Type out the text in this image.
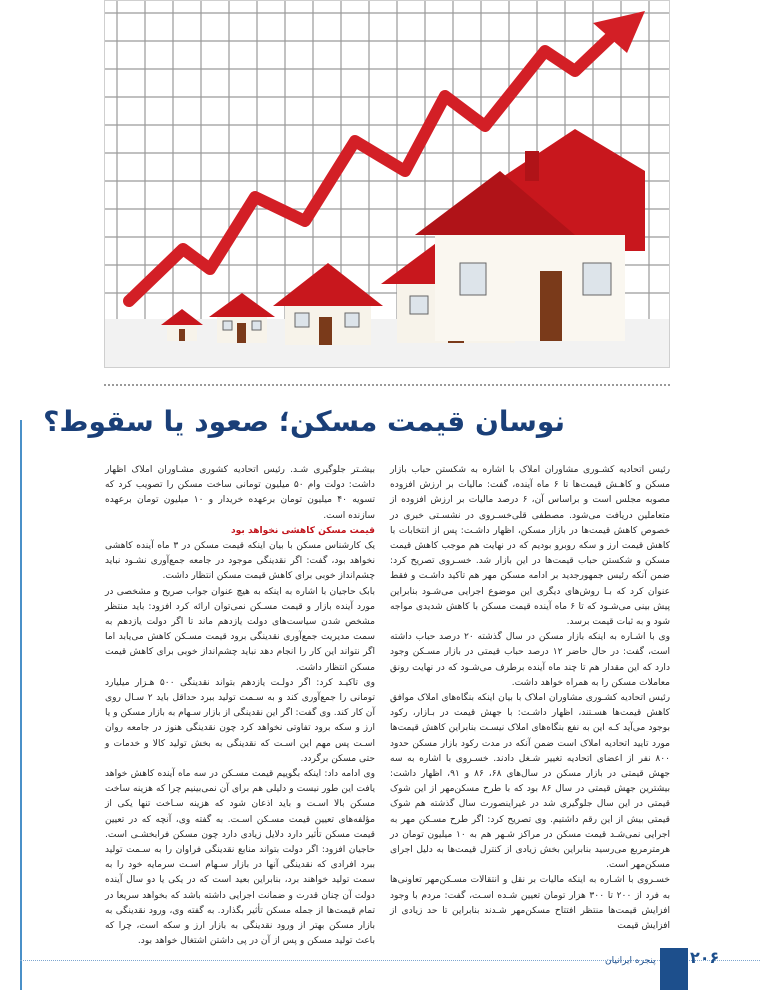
نوسان قیمت مسکن؛ صعود یا سقوط؟

رئیس اتحادیه کشـوری مشاوران املاک با اشاره به شکستن حباب بازار مسکن و کاهـش قیمت‌ها تا ۶ ماه آینده، گفت: مالیات بر ارزش افزوده مصوبه مجلس است و براساس آن، ۶ درصد مالیات بر ارزش افزوده از متعاملین دریافت می‌شود. مصطفی قلی‌خسـروی در نشسـتی خبری در خصوص کاهش قیمت‌ها در بازار مسکن، اظهار داشـت: پس از انتخابات با کاهش قیمت ارز و سکه روبرو بودیم که در نهایت هم موجب کاهش قیمت مسکن و شکستن حباب قیمت‌ها در این بازار شد. خسـروی تصریح کرد: ضمن آنکه رئیس جمهورجدید بر ادامه مسکن مهر هم تاکید داشـت و فقط عنوان کرد که بـا روش‌های دیگری این موضوع اجرایی می‌شـود بنابراین پیش بینی می‌شـود که تا ۶ ماه آینده قیمت مسکن با کاهش شدیدی مواجه شود و به ثبات قیمت برسد.

وی با اشـاره به اینکه بازار مسکن در سال گذشته ۲۰ درصد حباب داشته است، گفت: در حال حاضر ۱۲ درصد حباب قیمتی در بازار مسـکن وجود دارد که این مقدار هم تا چند ماه آینده برطرف می‌شـود که در نهایت رونق معاملات مسکن را به همراه خواهد داشت.

رئیس اتحادیه کشـوری مشاوران املاک با بیان اینکه بنگاه‌های املاک موافق کاهش قیمت‌ها هسـتند، اظهار داشـت: با جهش قیمت در بـازار، رکود بوجود می‌آید کـه این به نفع بنگاه‌های املاک نیسـت بنابراین کاهش قیمت‌ها مورد تایید اتحادیه املاک است ضمن آنکه در مدت رکود بازار مسکن حدود ۸۰۰ نفر از اعضای اتحادیه تغییر شـغل دادند. خسـروی با اشاره به سه جهش قیمتی در بازار مسکن در سال‌های ۶۸، ۸۶ و ۹۱، اظهار داشت: بیشترین جهش قیمتی در سال ۸۶ بود که با طرح مسکن‌مهر از این شوک قیمتی در این سال جلوگیری شد در غیراینصورت سال گذشته هم شوک قیمتی بیش از این رقم داشتیم. وی تصریح کرد: اگر طرح مسـکن مهر به اجرایی نمی‌شـد قیمت مسکن در مراکز شـهر هم به ۱۰ میلیون تومان در هرمترمربع می‌رسید بنابراین بخش زیادی از کنترل قیمت‌ها به دلیل اجرای مسکن‌مهر است.

خسـروی با اشـاره به اینکه مالیات بر نقل و انتقالات مسـکن‌مهر تعاونی‌ها به فرد از ۲۰۰ تا ۳۰۰ هزار تومان تعیین شـده اسـت، گفت: مردم با وجود افزایش قیمت‌ها منتظر افتتاح مسکن‌مهر شـدند بنابراین تا حد زیادی از افزایش قیمت

بیشـتر جلوگیری شـد. رئیس اتحادیه کشوری مشـاوران املاک اظهار داشت: دولت وام ۵۰ میلیون تومانی ساخت مسکن را تصویب کرد که تسویه ۴۰ میلیون تومان برعهده خریدار و ۱۰ میلیون تومان برعهده سازنده است.

قیمت مسکن کاهشی نخواهد بود

یک کارشناس مسکن با بیان اینکه قیمت مسکن در ۳ ماه آینده کاهشی نخواهد بود، گفت: اگر نقدینگی موجود در جامعه جمع‌آوری نشـود نباید چشم‌انداز خوبی برای کاهش قیمت مسکن انتظار داشت.

بابک حاجیان با اشاره به اینکه به هیچ عنوان جواب صریح و مشخصی در مورد آینده بازار و قیمت مسـکن نمی‌توان ارائه کرد افزود: باید منتظر مشخص شدن سیاست‌های دولت یازدهم ماند تا اگر دولت یازدهم به سمت مدیریت جمع‌آوری نقدینگی برود قیمت مسـکن کاهش می‌یابد اما اگر نتواند این کار را انجام دهد نباید چشم‌انداز خوبی برای کاهش قیمت مسکن انتظار داشت.

وی تاکیـد کرد: اگر دولـت یازدهم بتواند نقدینگی ۵۰۰ هـزار میلیارد تومانی را جمع‌آوری کند و به سـمت تولید ببرد حداقل باید ۲ سـال روی آن کار کند. وی گفت: اگر این نقدینگی از بازار سـهام به بازار مسکن و یا ارز و سکه برود تفاوتی نخواهد کرد چون نقدینگی هنوز در جامعه روان اسـت پس مهم این اسـت که نقدینگی به بخش تولید کالا و خدمات و حتی مسکن برگردد.

وی ادامه داد: اینکه بگوییم قیمت مسـکن در سه ماه آینده کاهش خواهد یافت این طور نیست و دلیلی هم برای آن نمی‌بینیم چرا که هزینه ساخت مسکن بالا اسـت و باید اذعان شود که هزینه سـاخت تنها یکی از مؤلفه‌های تعیین قیمت مسـکن اسـت. به گفته وی، آنچه که در تعیین قیمت مسکن تأثیر دارد دلایل زیادی دارد چون مسکن فرابخشـی است. حاجیان افزود: اگر دولت بتواند منابع نقدینگی فراوان را به سـمت تولید ببرد افرادی که نقدینگی آنها در بازار سـهام اسـت سرمایه خود را به سمت تولید خواهند برد، بنابراین بعید است که در یکی یا دو سال آینده دولت آن چنان قدرت و ضمانت اجرایی داشته باشد که بخواهد سریعا در تمام قیمت‌ها از جمله مسکن تأثیر بگذارد. به گفته وی، ورود نقدینگی به بازار مسکن بهتر از ورود نقدینگی به بازار ارز و سکه است، چرا که باعث تولید مسکن و پس از آن در پی داشتن اشتغال خواهد بود.

پنجره ایرانیان ۲۰۶
